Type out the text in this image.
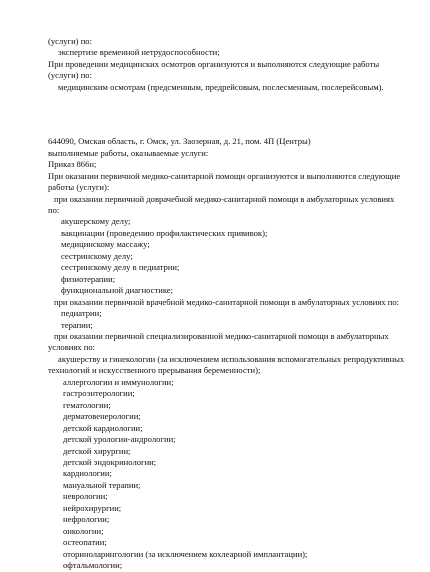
(услуги) по:

экспертизе временной нетрудоспособности;

При проведении медицинских осмотров организуются и выполняются следующие работы

(услуги) по:

медицинским осмотрам (предсменным, предрейсовым, послесменным, послерейсовым).

644090, Омская область, г. Омск, ул. Заозерная, д. 21, пом. 4П (Центры)

выполняемые работы, оказываемые услуги:

Приказ 866н;

При оказании первичной медико-санитарной помощи организуются и выполняются следующие

работы (услуги):

при оказании первичной доврачебной медико-санитарной помощи в амбулаторных условиях

по:

акушерскому делу;

вакцинации (проведению профилактических прививок);

медицинскому массажу;

сестринскому делу;

сестринскому делу в педиатрии;

физиотерапии;

функциональной диагностике;

при оказании первичной врачебной медико-санитарной помощи в амбулаторных условиях по:

педиатрии;

терапии;

при оказании первичной специализированной медико-санитарной помощи в амбулаторных

условиях по:

акушерству и гинекологии (за исключением использования вспомогательных репродуктивных

технологий и искусственного прерывания беременности);

аллергологии и иммунологии;

гастроэнтерологии;

гематологии;

дерматовенерологии;

детской кардиологии;

детской урологии-андрологии;

детской хирургии;

детской эндокринологии;

кардиологии;

мануальной терапии;

неврологии;

нейрохирургии;

нефрологии;

онкологии;

остеопатии;

оториноларингологии (за исключением кохлеарной имплантации);

офтальмологии;
